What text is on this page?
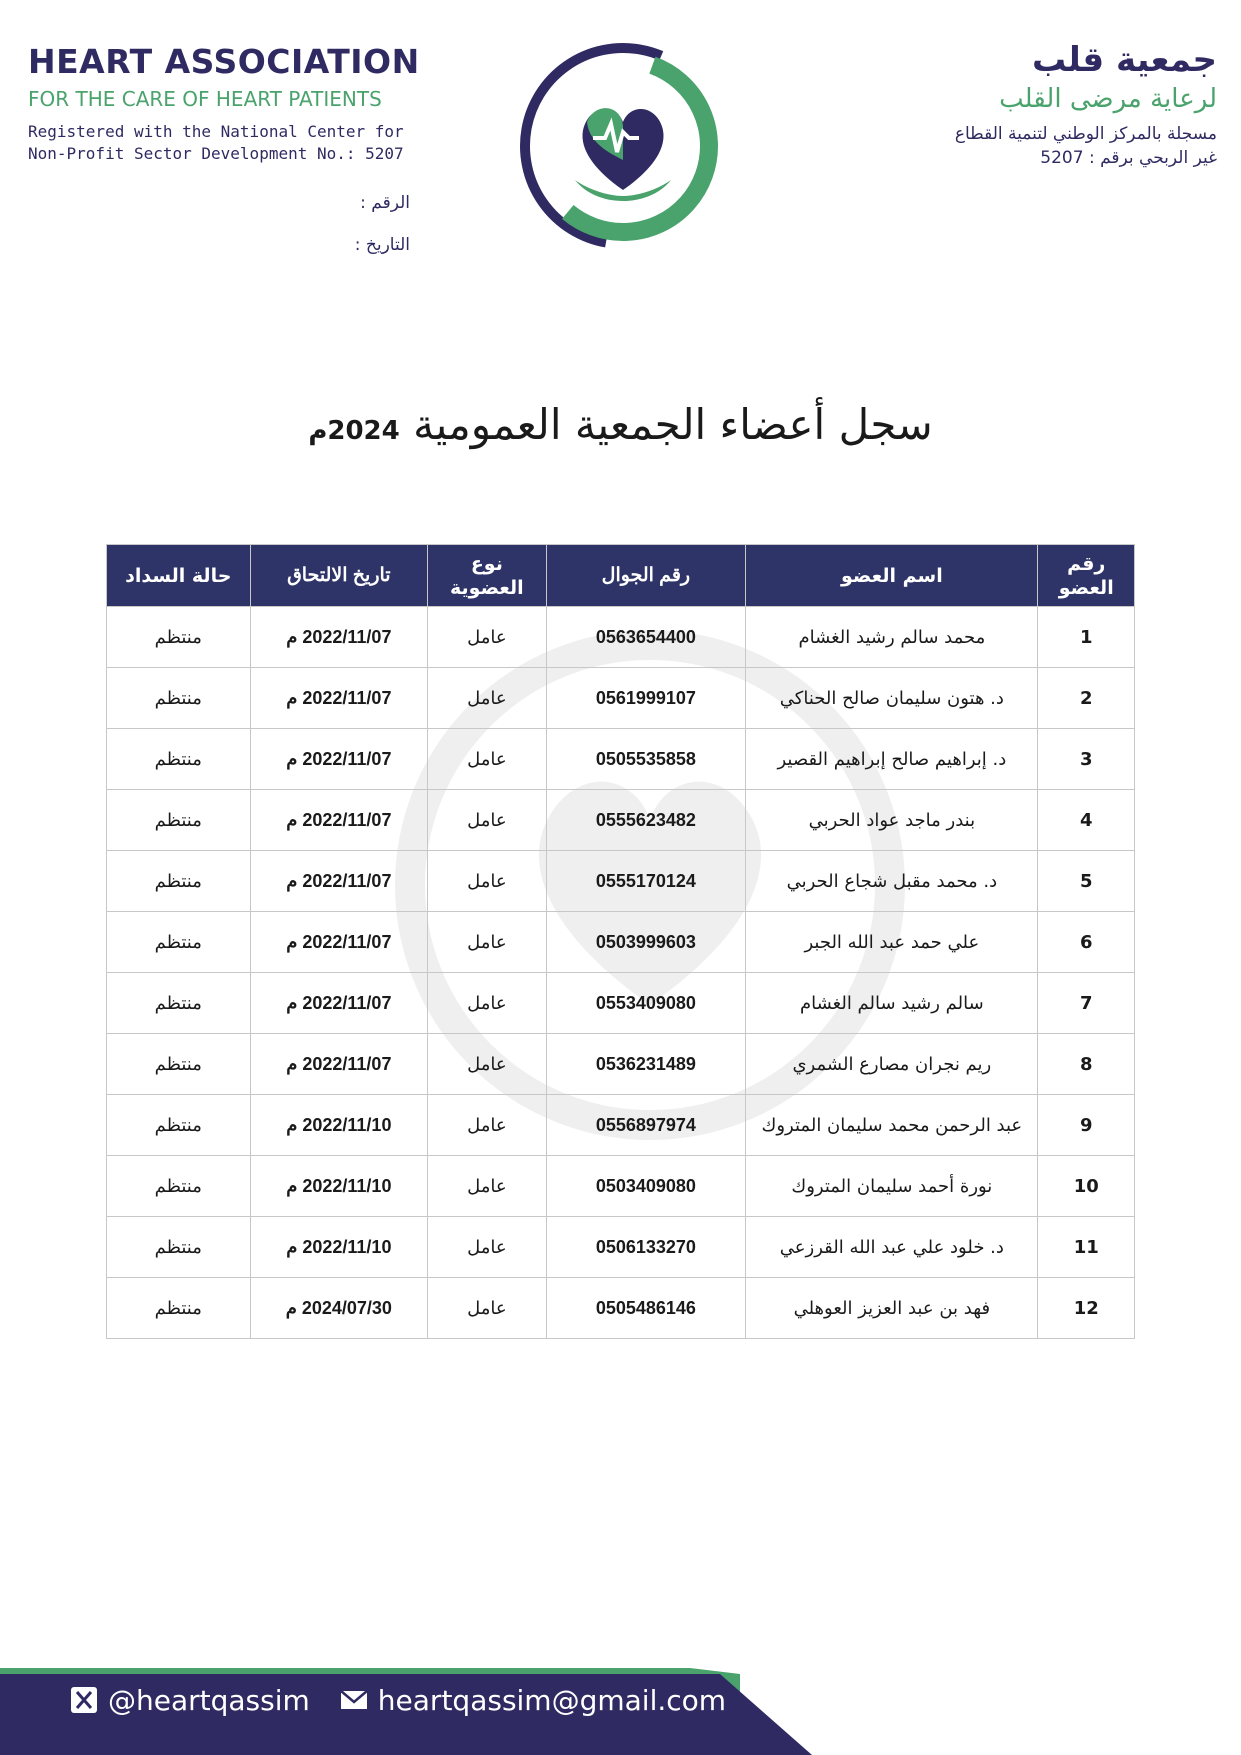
HEART ASSOCIATION
FOR THE CARE OF HEART PATIENTS
Registered with the National Center for
Non-Profit Sector Development No.: 5207
الرقم :
التاريخ :
جمعية قلب
لرعاية مرضى القلب
مسجلة بالمركز الوطني لتنمية القطاع
غير الربحي برقم : 5207
سجل أعضاء الجمعية العمومية 2024م
رقم العضو	اسم العضو	رقم الجوال	نوع العضوية	تاريخ الالتحاق	حالة السداد
1	محمد سالم رشيد الغشام	0563654400	عامل	2022/11/07 م	منتظم
2	د. هتون سليمان صالح الحناكي	0561999107	عامل	2022/11/07 م	منتظم
3	د. إبراهيم صالح إبراهيم القصير	0505535858	عامل	2022/11/07 م	منتظم
4	بندر ماجد عواد الحربي	0555623482	عامل	2022/11/07 م	منتظم
5	د. محمد مقبل شجاع الحربي	0555170124	عامل	2022/11/07 م	منتظم
6	علي حمد عبد الله الجبر	0503999603	عامل	2022/11/07 م	منتظم
7	سالم رشيد سالم الغشام	0553409080	عامل	2022/11/07 م	منتظم
8	ريم نجران مصارع الشمري	0536231489	عامل	2022/11/07 م	منتظم
9	عبد الرحمن محمد سليمان المتروك	0556897974	عامل	2022/11/10 م	منتظم
10	نورة أحمد سليمان المتروك	0503409080	عامل	2022/11/10 م	منتظم
11	د. خلود علي عبد الله القرزعي	0506133270	عامل	2022/11/10 م	منتظم
12	فهد بن عبد العزيز العوهلي	0505486146	عامل	2024/07/30 م	منتظم
@heartqassim heartqassim@gmail.com
